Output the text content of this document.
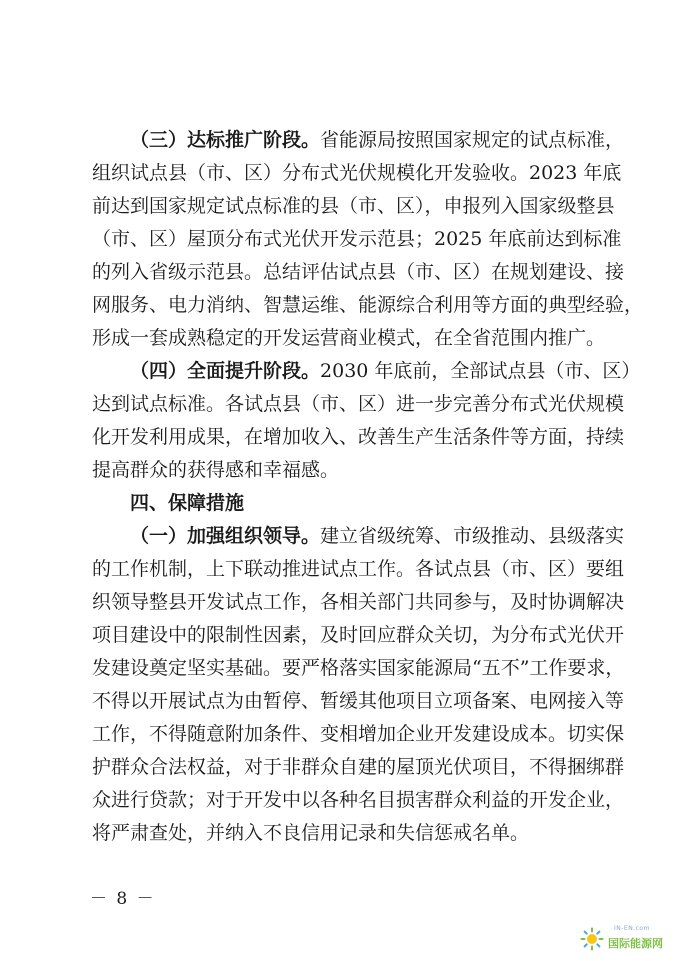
（三）达标推广阶段。省能源局按照国家规定的试点标准，
组织试点县（市、区）分布式光伏规模化开发验收。2023 年底
前达到国家规定试点标准的县（市、区），申报列入国家级整县
（市、区）屋顶分布式光伏开发示范县；2025 年底前达到标准
的列入省级示范县。总结评估试点县（市、区）在规划建设、接
网服务、电力消纳、智慧运维、能源综合利用等方面的典型经验，
形成一套成熟稳定的开发运营商业模式，在全省范围内推广。
（四）全面提升阶段。2030 年底前，全部试点县（市、区）
达到试点标准。各试点县（市、区）进一步完善分布式光伏规模
化开发利用成果，在增加收入、改善生产生活条件等方面，持续
提高群众的获得感和幸福感。
四、保障措施
（一）加强组织领导。建立省级统筹、市级推动、县级落实
的工作机制，上下联动推进试点工作。各试点县（市、区）要组
织领导整县开发试点工作，各相关部门共同参与，及时协调解决
项目建设中的限制性因素，及时回应群众关切，为分布式光伏开
发建设奠定坚实基础。要严格落实国家能源局“五不”工作要求，
不得以开展试点为由暂停、暂缓其他项目立项备案、电网接入等
工作，不得随意附加条件、变相增加企业开发建设成本。切实保
护群众合法权益，对于非群众自建的屋顶光伏项目，不得捆绑群
众进行贷款；对于开发中以各种名目损害群众利益的开发企业，
将严肃查处，并纳入不良信用记录和失信惩戒名单。
－ 8 －
IN-EN.com
国际能源网
